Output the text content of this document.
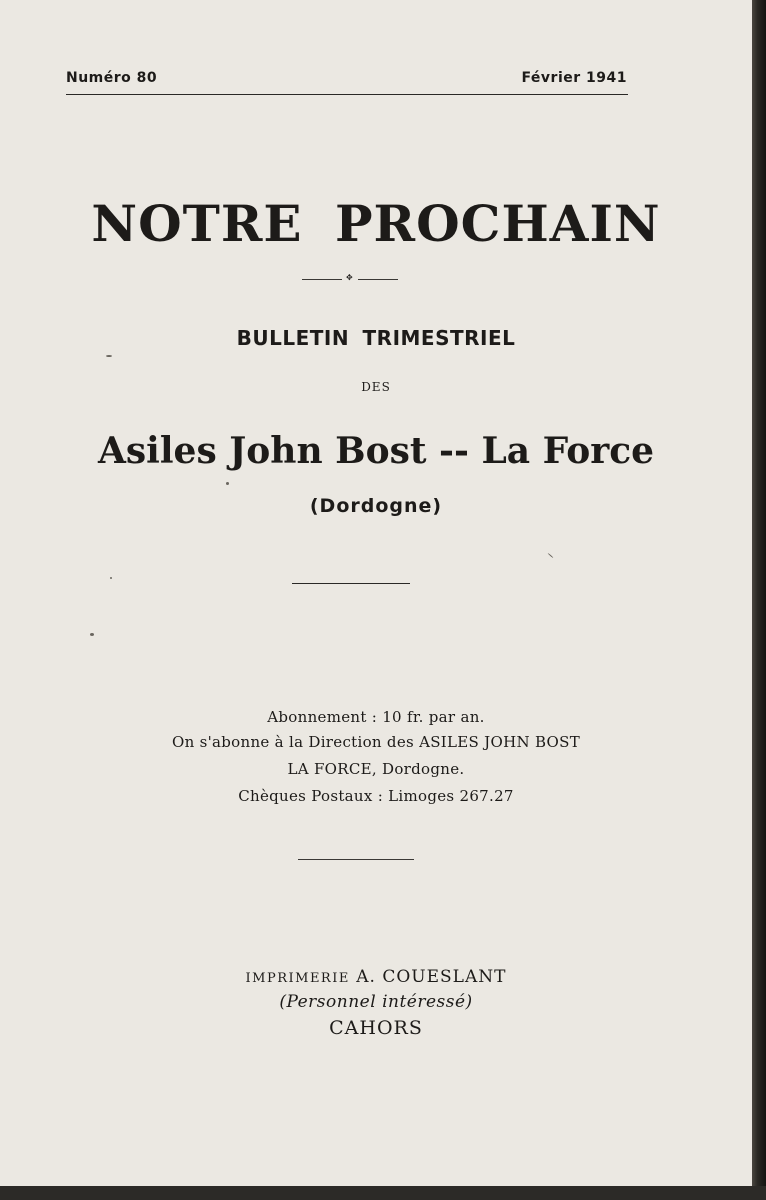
Numéro 80	Février 1941
NOTRE PROCHAIN
✥
BULLETIN TRIMESTRIEL
DES
Asiles John Bost -- La Force
(Dordogne)
Abonnement : 10 fr. par an.
On s'abonne à la Direction des ASILES JOHN BOST
LA FORCE, Dordogne.
Chèques Postaux : Limoges 267.27
IMPRIMERIE A. COUESLANT
(Personnel intéressé)
CAHORS
